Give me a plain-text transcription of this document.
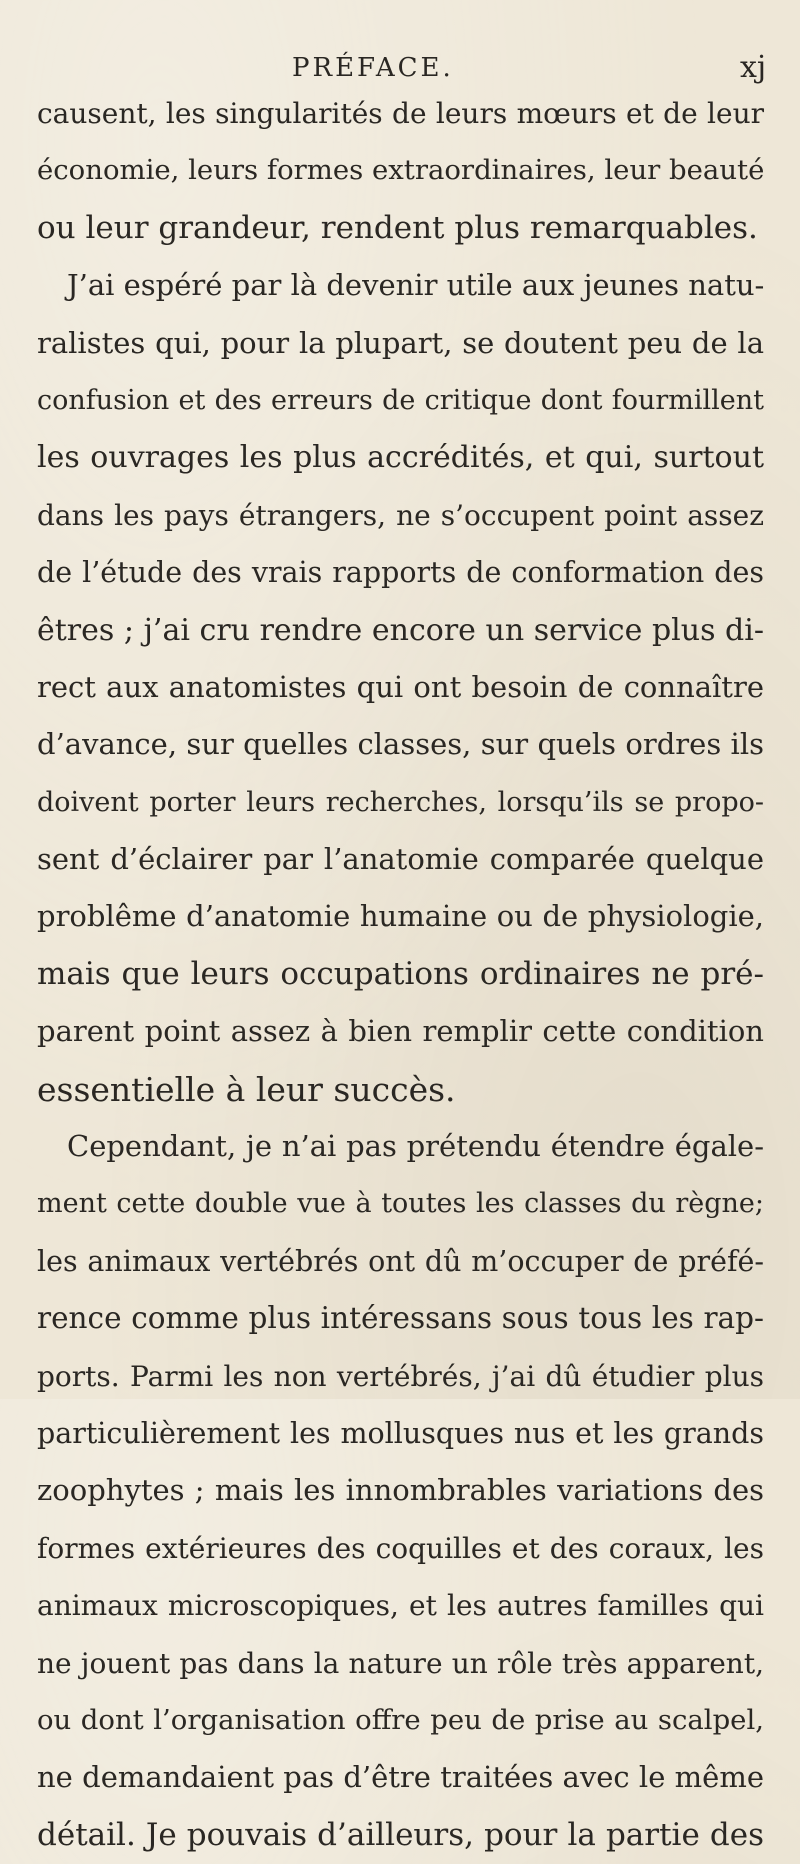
PRÉFACE.	xj
causent, les singularités de leurs mœurs et de leur
économie, leurs formes extraordinaires, leur beauté
ou leur grandeur, rendent plus remarquables.
J’ai espéré par là devenir utile aux jeunes natu-
ralistes qui, pour la plupart, se doutent peu de la
confusion et des erreurs de critique dont fourmillent
les ouvrages les plus accrédités, et qui, surtout
dans les pays étrangers, ne s’occupent point assez
de l’étude des vrais rapports de conformation des
êtres ; j’ai cru rendre encore un service plus di-
rect aux anatomistes qui ont besoin de connaître
d’avance, sur quelles classes, sur quels ordres ils
doivent porter leurs recherches, lorsqu’ils se propo-
sent d’éclairer par l’anatomie comparée quelque
problême d’anatomie humaine ou de physiologie,
mais que leurs occupations ordinaires ne pré-
parent point assez à bien remplir cette condition
essentielle à leur succès.
Cependant, je n’ai pas prétendu étendre égale-
ment cette double vue à toutes les classes du règne;
les animaux vertébrés ont dû m’occuper de préfé-
rence comme plus intéressans sous tous les rap-
ports. Parmi les non vertébrés, j’ai dû étudier plus
particulièrement les mollusques nus et les grands
zoophytes ; mais les innombrables variations des
formes extérieures des coquilles et des coraux, les
animaux microscopiques, et les autres familles qui
ne jouent pas dans la nature un rôle très apparent,
ou dont l’organisation offre peu de prise au scalpel,
ne demandaient pas d’être traitées avec le même
détail. Je pouvais d’ailleurs, pour la partie des
